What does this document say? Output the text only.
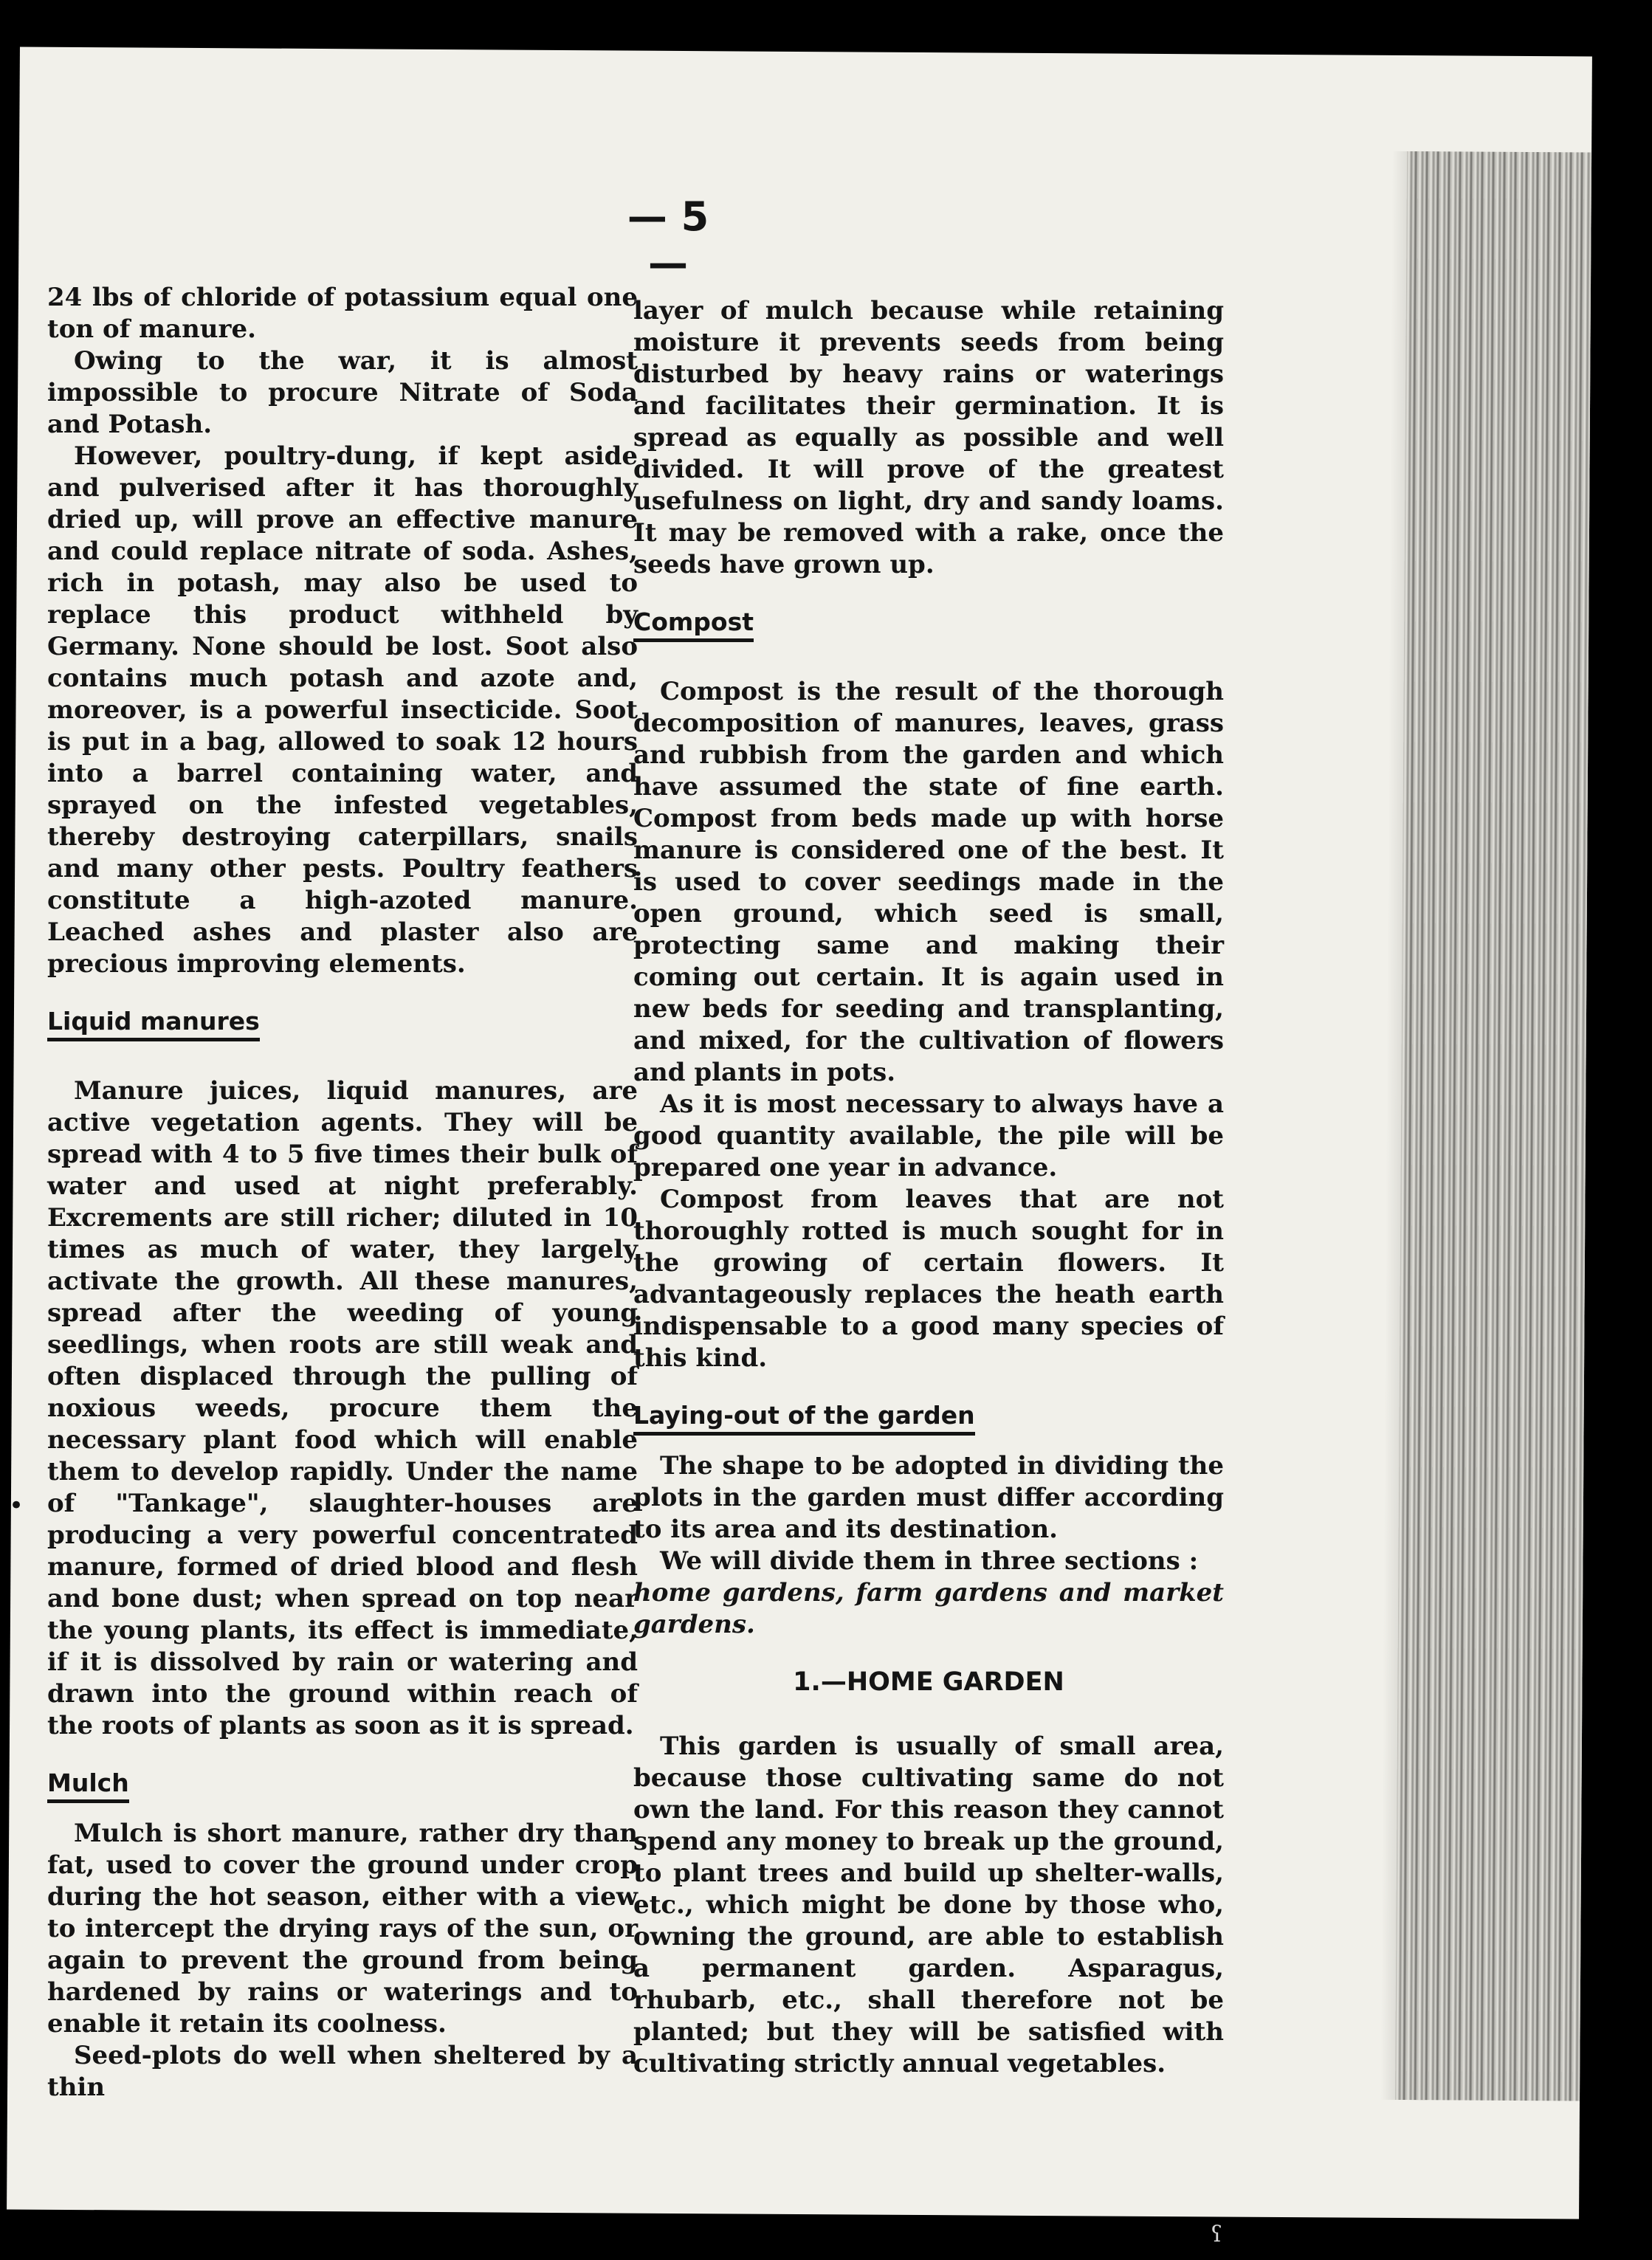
— 5 —

24 lbs of chloride of potassium equal one ton of manure.

Owing to the war, it is almost impossible to procure Nitrate of Soda and Potash.

However, poultry-dung, if kept aside and pulverised after it has thoroughly dried up, will prove an effective manure and could replace nitrate of soda. Ashes, rich in potash, may also be used to replace this product withheld by Germany. None should be lost. Soot also contains much potash and azote and, moreover, is a powerful insecticide. Soot is put in a bag, allowed to soak 12 hours into a barrel containing water, and sprayed on the infested vegetables, thereby destroying caterpillars, snails and many other pests. Poultry feathers constitute a high-azoted manure. Leached ashes and plaster also are precious improving elements.

Liquid manures

Manure juices, liquid manures, are active vegetation agents. They will be spread with 4 to 5 five times their bulk of water and used at night preferably. Excrements are still richer; diluted in 10 times as much of water, they largely activate the growth. All these manures, spread after the weeding of young seedlings, when roots are still weak and often displaced through the pulling of noxious weeds, procure them the necessary plant food which will enable them to develop rapidly. Under the name of "Tankage", slaughter-houses are producing a very powerful concentrated manure, formed of dried blood and flesh and bone dust; when spread on top near the young plants, its effect is immediate, if it is dissolved by rain or watering and drawn into the ground within reach of the roots of plants as soon as it is spread.

Mulch

Mulch is short manure, rather dry than fat, used to cover the ground under crop during the hot season, either with a view to intercept the drying rays of the sun, or again to prevent the ground from being hardened by rains or waterings and to enable it retain its coolness.

Seed-plots do well when sheltered by a thin

layer of mulch because while retaining moisture it prevents seeds from being disturbed by heavy rains or waterings and facilitates their germination. It is spread as equally as possible and well divided. It will prove of the greatest usefulness on light, dry and sandy loams. It may be removed with a rake, once the seeds have grown up.

Compost

Compost is the result of the thorough decomposition of manures, leaves, grass and rubbish from the garden and which have assumed the state of fine earth. Compost from beds made up with horse manure is considered one of the best. It is used to cover seedings made in the open ground, which seed is small, protecting same and making their coming out certain. It is again used in new beds for seeding and transplanting, and mixed, for the cultivation of flowers and plants in pots.

As it is most necessary to always have a good quantity available, the pile will be prepared one year in advance.

Compost from leaves that are not thoroughly rotted is much sought for in the growing of certain flowers. It advantageously replaces the heath earth indispensable to a good many species of this kind.

Laying-out of the garden

The shape to be adopted in dividing the plots in the garden must differ according to its area and its destination.

We will divide them in three sections :

home gardens, farm gardens and market gardens.

1.—HOME GARDEN

This garden is usually of small area, because those cultivating same do not own the land. For this reason they cannot spend any money to break up the ground, to plant trees and build up shelter-walls, etc., which might be done by those who, owning the ground, are able to establish a permanent garden. Asparagus, rhubarb, etc., shall therefore not be planted; but they will be satisfied with cultivating strictly annual vegetables.

•
ʕ
